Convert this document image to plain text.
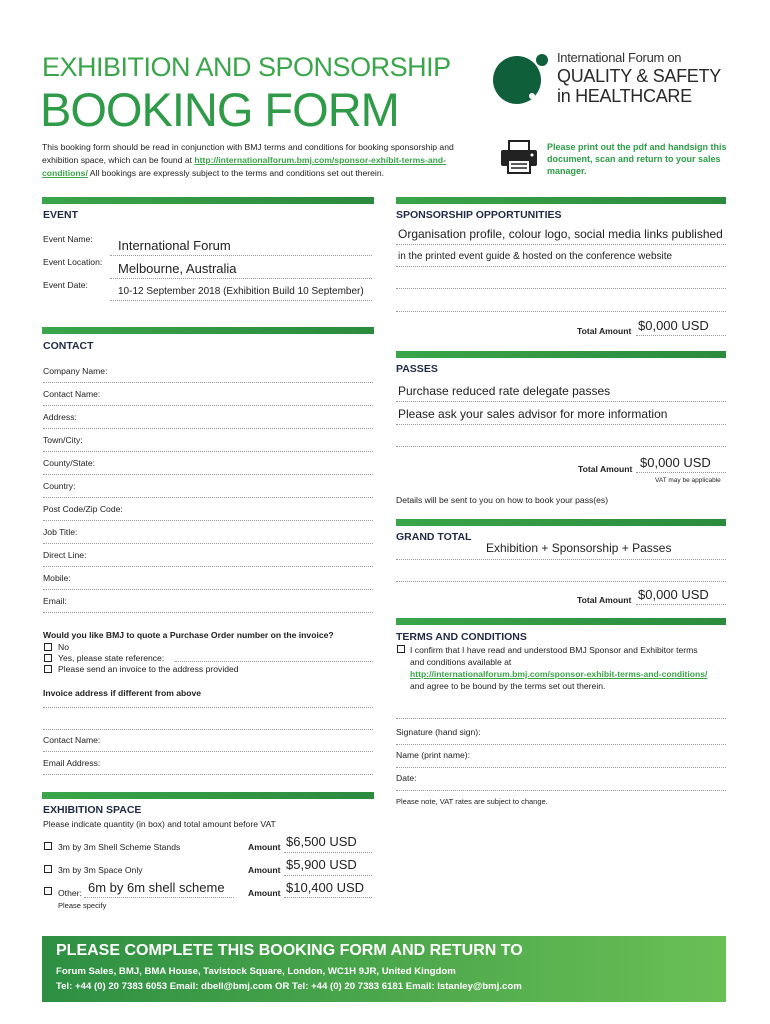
EXHIBITION AND SPONSORSHIP
BOOKING FORM
This booking form should be read in conjunction with BMJ terms and conditions for booking sponsorship and exhibition space, which can be found at http://internationalforum.bmj.com/sponsor-exhibit-terms-and-conditions/ All bookings are expressly subject to the terms and conditions set out therein.
International Forum on
QUALITY & SAFETY
in HEALTHCARE
Please print out the pdf and handsign this document, scan and return to your sales manager.
EVENT
Event Name: International Forum
Event Location: Melbourne, Australia
Event Date:
10-12 September 2018 (Exhibition Build 10 September)
CONTACT
Company Name:
Contact Name:
Address:
Town/City:
County/State:
Country:
Post Code/Zip Code:
Job Title:
Direct Line:
Mobile:
Email:
Would you like BMJ to quote a Purchase Order number on the invoice?
No
Yes, please state reference:
Please send an invoice to the address provided
Invoice address if different from above
Contact Name:
Email Address:
EXHIBITION SPACE
Please indicate quantity (in box) and total amount before VAT
3m by 3m Shell Scheme Stands	Amount $6,500 USD
3m by 3m Space Only	Amount $5,900 USD
Other: 6m by 6m shell scheme	Amount $10,400 USD
Please specify
SPONSORSHIP OPPORTUNITIES
Organisation profile, colour logo, social media links published
in the printed event guide & hosted on the conference website
Total Amount $0,000 USD
PASSES
Purchase reduced rate delegate passes
Please ask your sales advisor for more information
Total Amount $0,000 USD
VAT may be applicable
Details will be sent to you on how to book your pass(es)
GRAND TOTAL
Exhibition + Sponsorship + Passes
Total Amount $0,000 USD
TERMS AND CONDITIONS
I confirm that I have read and understood BMJ Sponsor and Exhibitor terms
and conditions available at
http://internationalforum.bmj.com/sponsor-exhibit-terms-and-conditions/
and agree to be bound by the terms set out therein.
Signature (hand sign):
Name (print name):
Date:
Please note, VAT rates are subject to change.
PLEASE COMPLETE THIS BOOKING FORM AND RETURN TO
Forum Sales, BMJ, BMA House, Tavistock Square, London, WC1H 9JR, United Kingdom
Tel: +44 (0) 20 7383 6053 Email: dbell@bmj.com OR Tel: +44 (0) 20 7383 6181 Email: lstanley@bmj.com
